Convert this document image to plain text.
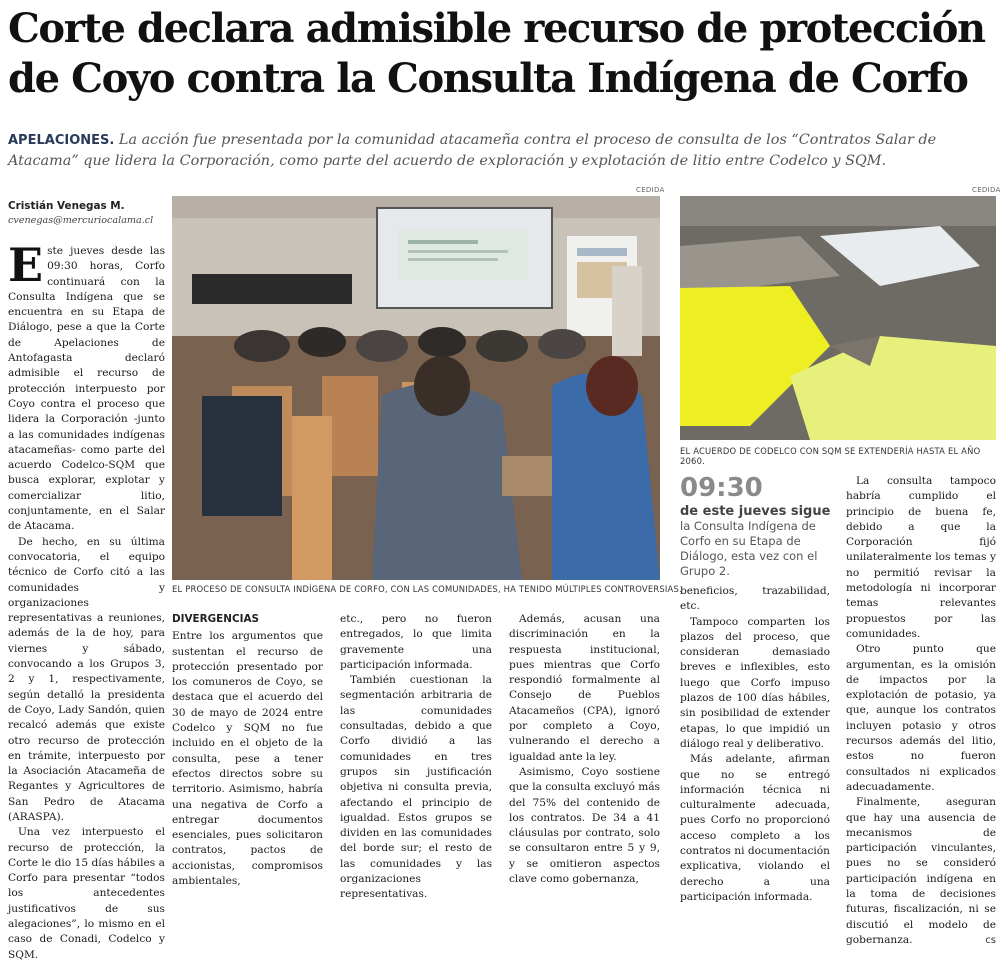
Corte declara admisible recurso de protección
de Coyo contra la Consulta Indígena de Corfo
APELACIONES. La acción fue presentada por la comunidad atacameña contra el proceso de consulta de los “Contratos Salar de Atacama” que lidera la Corporación, como parte del acuerdo de exploración y explotación de litio entre Codelco y SQM.
Cristián Venegas M.
cvenegas@mercuriocalama.cl

Este jueves desde las 09:30 horas, Corfo continuará con la Consulta Indígena que se encuentra en su Etapa de Diálogo, pese a que la Corte de Apelaciones de Antofagasta declaró admisible el recurso de protección interpuesto por Coyo contra el proceso que lidera la Corporación -junto a las comunidades indígenas atacameñas- como parte del acuerdo Codelco-SQM que busca explorar, explotar y comercializar litio, conjuntamente, en el Salar de Atacama.

De hecho, en su última convocatoria, el equipo técnico de Corfo citó a las comunidades y organizaciones representativas a reuniones, además de la de hoy, para viernes y sábado, convocando a los Grupos 3, 2 y 1, respectivamente, según detalló la presidenta de Coyo, Lady Sandón, quien recalcó además que existe otro recurso de protección en trámite, interpuesto por la Asociación Atacameña de Regantes y Agricultores de San Pedro de Atacama (ARASPA).

Una vez interpuesto el recurso de protección, la Corte le dio 15 días hábiles a Corfo para presentar “todos los antecedentes justificativos de sus alegaciones”, lo mismo en el caso de Conadi, Codelco y SQM.

CEDIDA
EL PROCESO DE CONSULTA INDÍGENA DE CORFO, CON LAS COMUNIDADES, HA TENIDO MÚLTIPLES CONTROVERSIAS.
CEDIDA
EL ACUERDO DE CODELCO CON SQM SE EXTENDERÍA HASTA EL AÑO 2060.
DIVERGENCIAS

Entre los argumentos que sustentan el recurso de protección presentado por los comuneros de Coyo, se destaca que el acuerdo del 30 de mayo de 2024 entre Codelco y SQM no fue incluido en el objeto de la consulta, pese a tener efectos directos sobre su territorio. Asimismo, habría una negativa de Corfo a entregar documentos esenciales, pues solicitaron contratos, pactos de accionistas, compromisos ambientales,

etc., pero no fueron entregados, lo que limita gravemente una participación informada.

También cuestionan la segmentación arbitraria de las comunidades consultadas, debido a que Corfo dividió a las comunidades en tres grupos sin justificación objetiva ni consulta previa, afectando el principio de igualdad. Estos grupos se dividen en las comunidades del borde sur; el resto de las comunidades y las organizaciones representativas.

Además, acusan una discriminación en la respuesta institucional, pues mientras que Corfo respondió formalmente al Consejo de Pueblos Atacameños (CPA), ignoró por completo a Coyo, vulnerando el derecho a igualdad ante la ley.

Asimismo, Coyo sostiene que la consulta excluyó más del 75% del contenido de los contratos. De 34 a 41 cláusulas por contrato, solo se consultaron entre 5 y 9, y se omitieron aspectos clave como gobernanza,

09:30
de este jueves sigue
la Consulta Indígena de Corfo en su Etapa de Diálogo, esta vez con el Grupo 2.

beneficios, trazabilidad, etc.

Tampoco comparten los plazos del proceso, que consideran demasiado breves e inflexibles, esto luego que Corfo impuso plazos de 100 días hábiles, sin posibilidad de extender etapas, lo que impidió un diálogo real y deliberativo.

Más adelante, afirman que no se entregó información técnica ni culturalmente adecuada, pues Corfo no proporcionó acceso completo a los contratos ni documentación explicativa, violando el derecho a una participación informada.

La consulta tampoco habría cumplido el principio de buena fe, debido a que la Corporación fijó unilateralmente los temas y no permitió revisar la metodología ni incorporar temas relevantes propuestos por las comunidades.

Otro punto que argumentan, es la omisión de impactos por la explotación de potasio, ya que, aunque los contratos incluyen potasio y otros recursos además del litio, estos no fueron consultados ni explicados adecuadamente.

Finalmente, aseguran que hay una ausencia de mecanismos de participación vinculantes, pues no se consideró participación indígena en la toma de decisiones futuras, fiscalización, ni se discutió el modelo de gobernanza.	cs
